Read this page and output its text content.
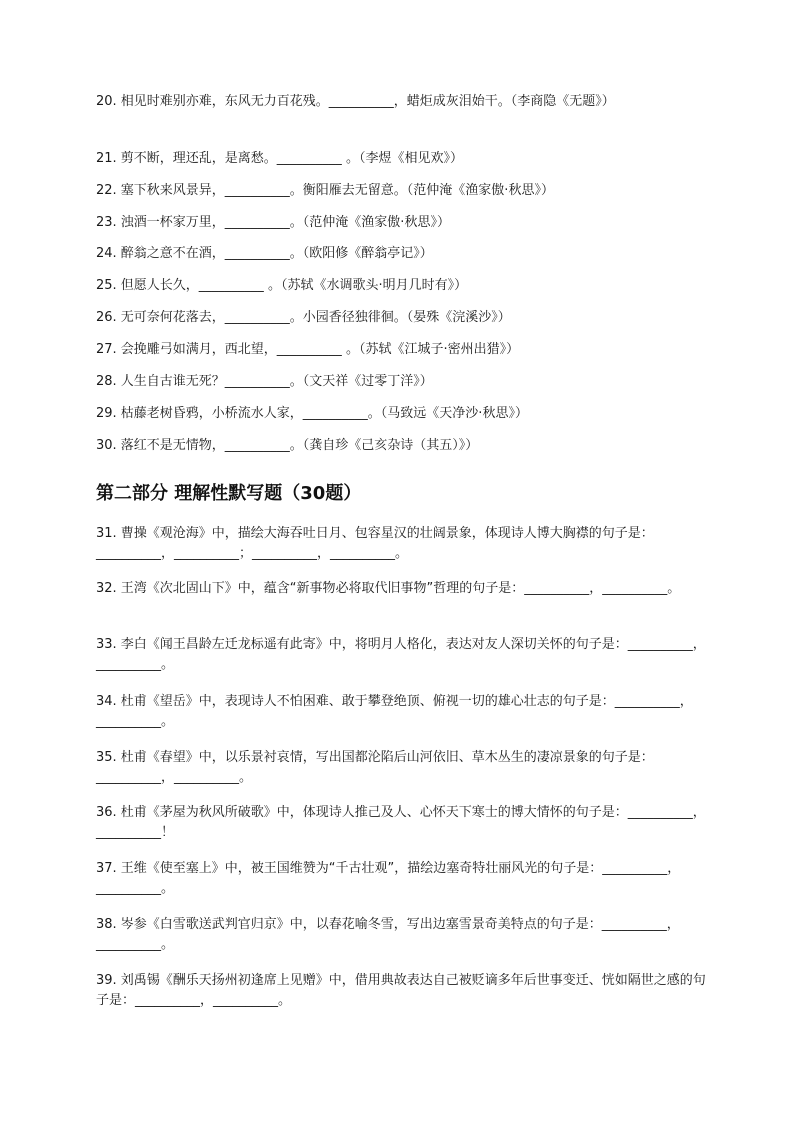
20. 相见时难别亦难，东风无力百花残。__________，蜡炬成灰泪始干。（李商隐《无题》）
21. 剪不断，理还乱，是离愁。__________ 。（李煜《相见欢》）
22. 塞下秋来风景异，__________。衡阳雁去无留意。（范仲淹《渔家傲·秋思》）
23. 浊酒一杯家万里，__________。（范仲淹《渔家傲·秋思》）
24. 醉翁之意不在酒，__________。（欧阳修《醉翁亭记》）
25. 但愿人长久，__________ 。（苏轼《水调歌头·明月几时有》）
26. 无可奈何花落去，__________。小园香径独徘徊。（晏殊《浣溪沙》）
27. 会挽雕弓如满月，西北望，__________ 。（苏轼《江城子·密州出猎》）
28. 人生自古谁无死？__________。（文天祥《过零丁洋》）
29. 枯藤老树昏鸦，小桥流水人家，__________。（马致远《天净沙·秋思》）
30. 落红不是无情物，__________。（龚自珍《己亥杂诗（其五）》）
第二部分 理解性默写题（30题）
31. 曹操《观沧海》中，描绘大海吞吐日月、包容星汉的壮阔景象，体现诗人博大胸襟的句子是：__________，__________；__________，__________。
32. 王湾《次北固山下》中，蕴含“新事物必将取代旧事物”哲理的句子是：__________，__________。
33. 李白《闻王昌龄左迁龙标遥有此寄》中，将明月人格化，表达对友人深切关怀的句子是：__________，__________。
34. 杜甫《望岳》中，表现诗人不怕困难、敢于攀登绝顶、俯视一切的雄心壮志的句子是：__________，__________。
35. 杜甫《春望》中，以乐景衬哀情，写出国都沦陷后山河依旧、草木丛生的凄凉景象的句子是：__________，__________。
36. 杜甫《茅屋为秋风所破歌》中，体现诗人推己及人、心怀天下寒士的博大情怀的句子是：__________，__________！
37. 王维《使至塞上》中，被王国维赞为“千古壮观”，描绘边塞奇特壮丽风光的句子是：__________，__________。
38. 岑参《白雪歌送武判官归京》中，以春花喻冬雪，写出边塞雪景奇美特点的句子是：__________，__________。
39. 刘禹锡《酬乐天扬州初逢席上见赠》中，借用典故表达自己被贬谪多年后世事变迁、恍如隔世之感的句子是：__________，__________。
